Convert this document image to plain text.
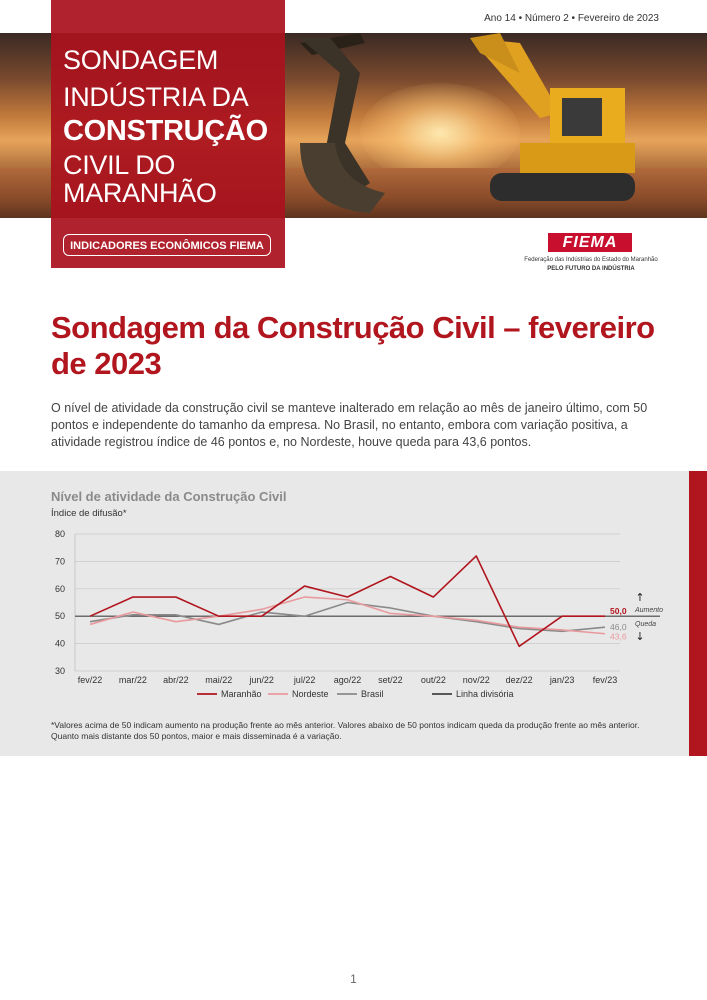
Ano 14 • Número 2 • Fevereiro de 2023
SONDAGEM
INDÚSTRIA DA
CONSTRUÇÃO
CIVIL DO
MARANHÃO
INDICADORES ECONÔMICOS FIEMA	FIEMA
Federação das Indústrias do Estado do Maranhão
PELO FUTURO DA INDÚSTRIA
Sondagem da Construção Civil – fevereiro de 2023

O nível de atividade da construção civil se manteve inalterado em relação ao mês de janeiro último, com 50 pontos e independente do tamanho da empresa. No Brasil, no entanto, embora com variação positiva, a atividade registrou índice de 46 pontos e, no Nordeste, houve queda para 43,6 pontos.

Nível de atividade da Construção Civil
Índice de difusão*
30
40
50
60
70
80
fev/22 mar/22 abr/22 mai/22 jun/22 jul/22 ago/22 set/22 out/22 nov/22 dez/22 jan/23 fev/23
50,0
46,0
43,6
↑
Aumento
Queda
↓
Maranhão	Nordeste	Brasil	Linha divisória

*Valores acima de 50 indicam aumento na produção frente ao mês anterior. Valores abaixo de 50 pontos indicam queda da produção frente ao mês anterior. Quanto mais distante dos 50 pontos, maior e mais disseminada é a variação.

1
